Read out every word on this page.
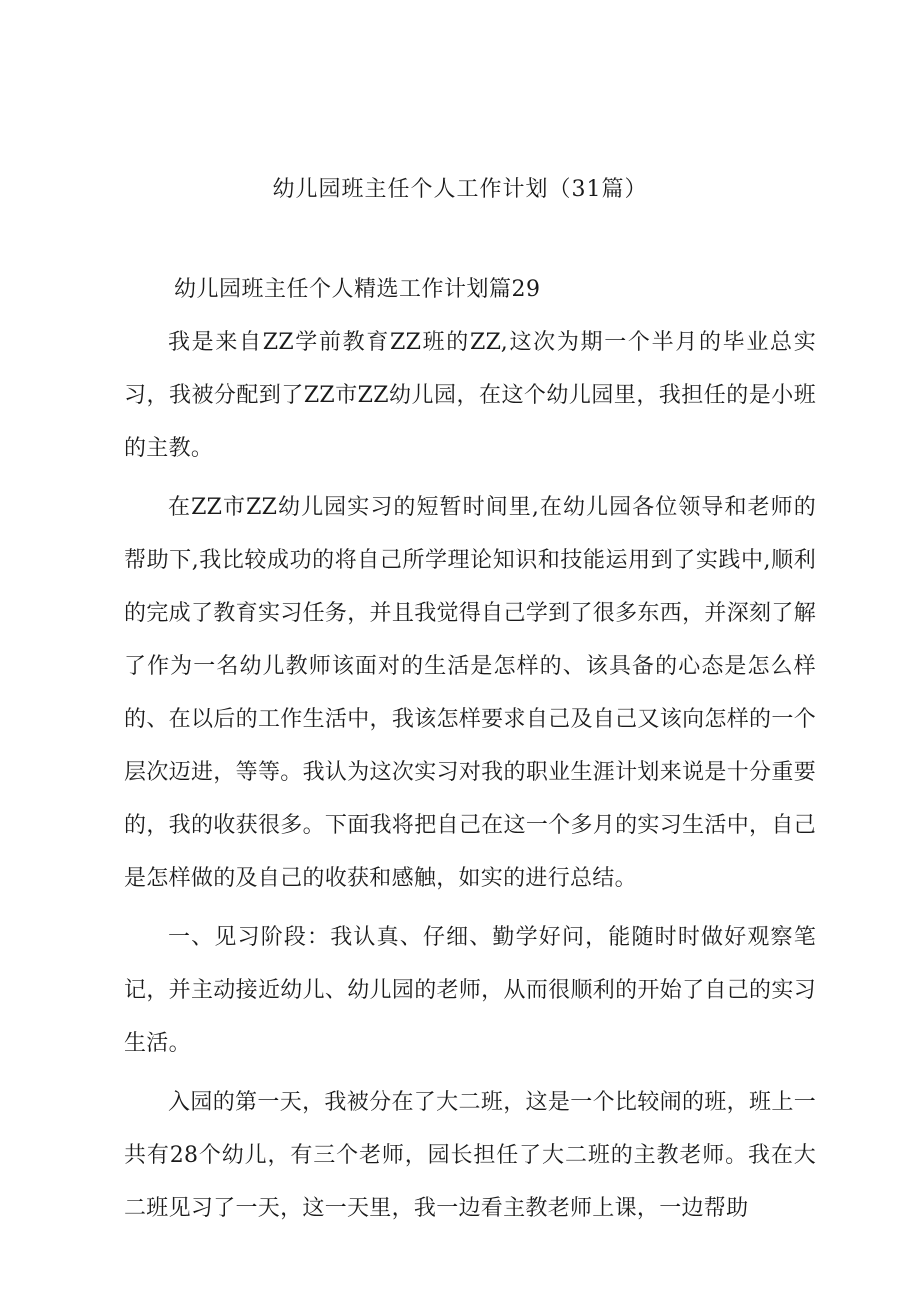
幼儿园班主任个人工作计划（31篇）
幼儿园班主任个人精选工作计划篇29

我是来自ZZ学前教育ZZ班的ZZ,这次为期一个半月的毕业总实习，我被分配到了ZZ市ZZ幼儿园，在这个幼儿园里，我担任的是小班的主教。

在ZZ市ZZ幼儿园实习的短暂时间里,在幼儿园各位领导和老师的帮助下,我比较成功的将自己所学理论知识和技能运用到了实践中,顺利的完成了教育实习任务，并且我觉得自己学到了很多东西，并深刻了解了作为一名幼儿教师该面对的生活是怎样的、该具备的心态是怎么样的、在以后的工作生活中，我该怎样要求自己及自己又该向怎样的一个层次迈进，等等。我认为这次实习对我的职业生涯计划来说是十分重要的，我的收获很多。下面我将把自己在这一个多月的实习生活中，自己是怎样做的及自己的收获和感触，如实的进行总结。

一、见习阶段：我认真、仔细、勤学好问，能随时时做好观察笔记，并主动接近幼儿、幼儿园的老师，从而很顺利的开始了自己的实习生活。

入园的第一天，我被分在了大二班，这是一个比较闹的班，班上一共有28个幼儿，有三个老师，园长担任了大二班的主教老师。我在大二班见习了一天，这一天里，我一边看主教老师上课，一边帮助
